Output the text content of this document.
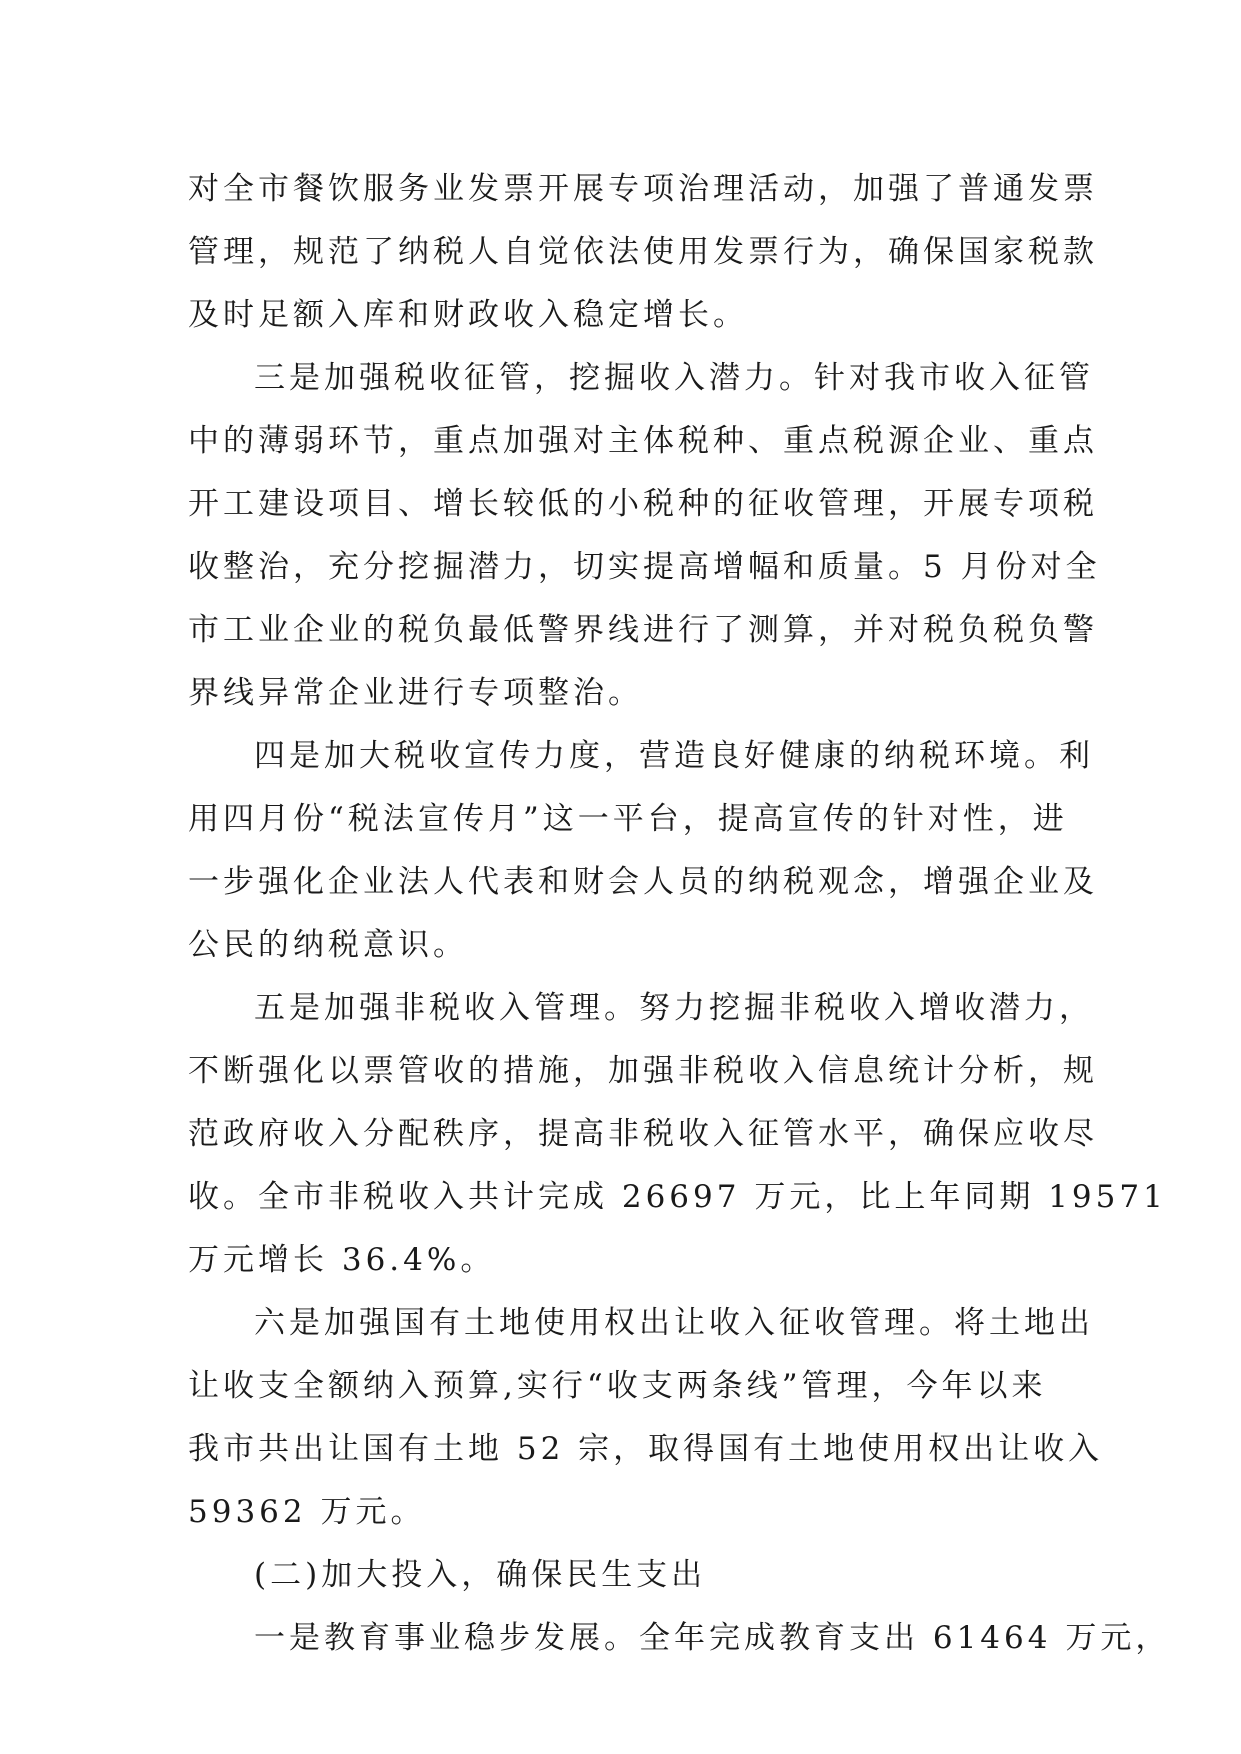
对全市餐饮服务业发票开展专项治理活动，加强了普通发票
管理，规范了纳税人自觉依法使用发票行为，确保国家税款
及时足额入库和财政收入稳定增长。
三是加强税收征管，挖掘收入潜力。针对我市收入征管
中的薄弱环节，重点加强对主体税种、重点税源企业、重点
开工建设项目、增长较低的小税种的征收管理，开展专项税
收整治，充分挖掘潜力，切实提高增幅和质量。5 月份对全
市工业企业的税负最低警界线进行了测算，并对税负税负警
界线异常企业进行专项整治。
四是加大税收宣传力度，营造良好健康的纳税环境。利
用四月份“税法宣传月”这一平台，提高宣传的针对性，进
一步强化企业法人代表和财会人员的纳税观念，增强企业及
公民的纳税意识。
五是加强非税收入管理。努力挖掘非税收入增收潜力，
不断强化以票管收的措施，加强非税收入信息统计分析，规
范政府收入分配秩序，提高非税收入征管水平，确保应收尽
收。全市非税收入共计完成 26697 万元，比上年同期 19571
万元增长 36.4%。
六是加强国有土地使用权出让收入征收管理。将土地出
让收支全额纳入预算,实行“收支两条线”管理，今年以来
我市共出让国有土地 52 宗，取得国有土地使用权出让收入
59362 万元。
(二)加大投入，确保民生支出
一是教育事业稳步发展。全年完成教育支出 61464 万元，
